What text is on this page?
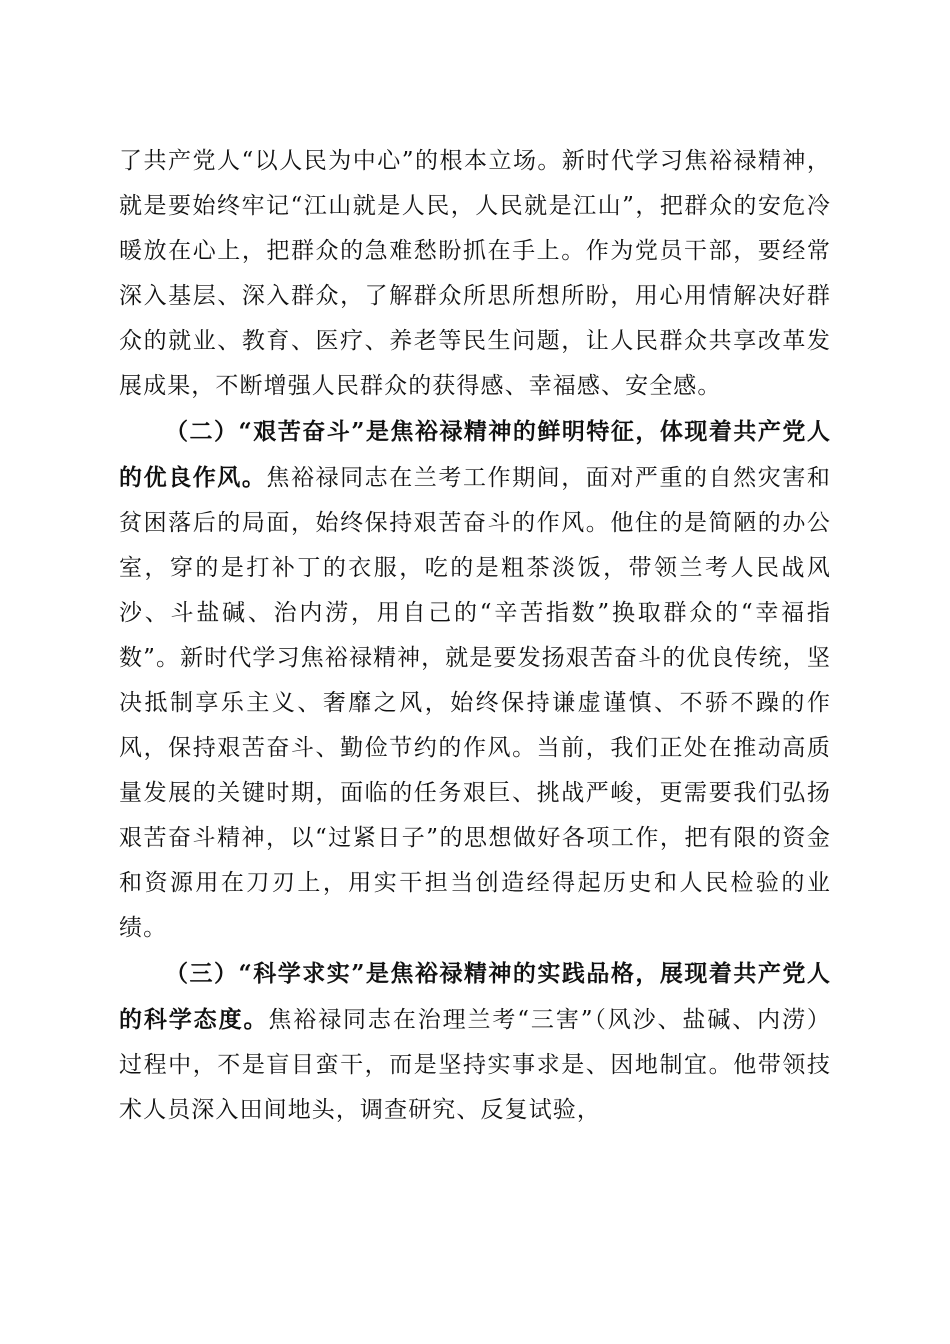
了共产党人“以人民为中心”的根本立场。新时代学习焦裕禄精神，就是要始终牢记“江山就是人民，人民就是江山”，把群众的安危冷暖放在心上，把群众的急难愁盼抓在手上。作为党员干部，要经常深入基层、深入群众，了解群众所思所想所盼，用心用情解决好群众的就业、教育、医疗、养老等民生问题，让人民群众共享改革发展成果，不断增强人民群众的获得感、幸福感、安全感。

（二）“艰苦奋斗”是焦裕禄精神的鲜明特征，体现着共产党人的优良作风。焦裕禄同志在兰考工作期间，面对严重的自然灾害和贫困落后的局面，始终保持艰苦奋斗的作风。他住的是简陋的办公室，穿的是打补丁的衣服，吃的是粗茶淡饭，带领兰考人民战风沙、斗盐碱、治内涝，用自己的“辛苦指数”换取群众的“幸福指数”。新时代学习焦裕禄精神，就是要发扬艰苦奋斗的优良传统，坚决抵制享乐主义、奢靡之风，始终保持谦虚谨慎、不骄不躁的作风，保持艰苦奋斗、勤俭节约的作风。当前，我们正处在推动高质量发展的关键时期，面临的任务艰巨、挑战严峻，更需要我们弘扬艰苦奋斗精神，以“过紧日子”的思想做好各项工作，把有限的资金和资源用在刀刃上，用实干担当创造经得起历史和人民检验的业绩。

（三）“科学求实”是焦裕禄精神的实践品格，展现着共产党人的科学态度。焦裕禄同志在治理兰考“三害”（风沙、盐碱、内涝）过程中，不是盲目蛮干，而是坚持实事求是、因地制宜。他带领技术人员深入田间地头，调查研究、反复试验，
